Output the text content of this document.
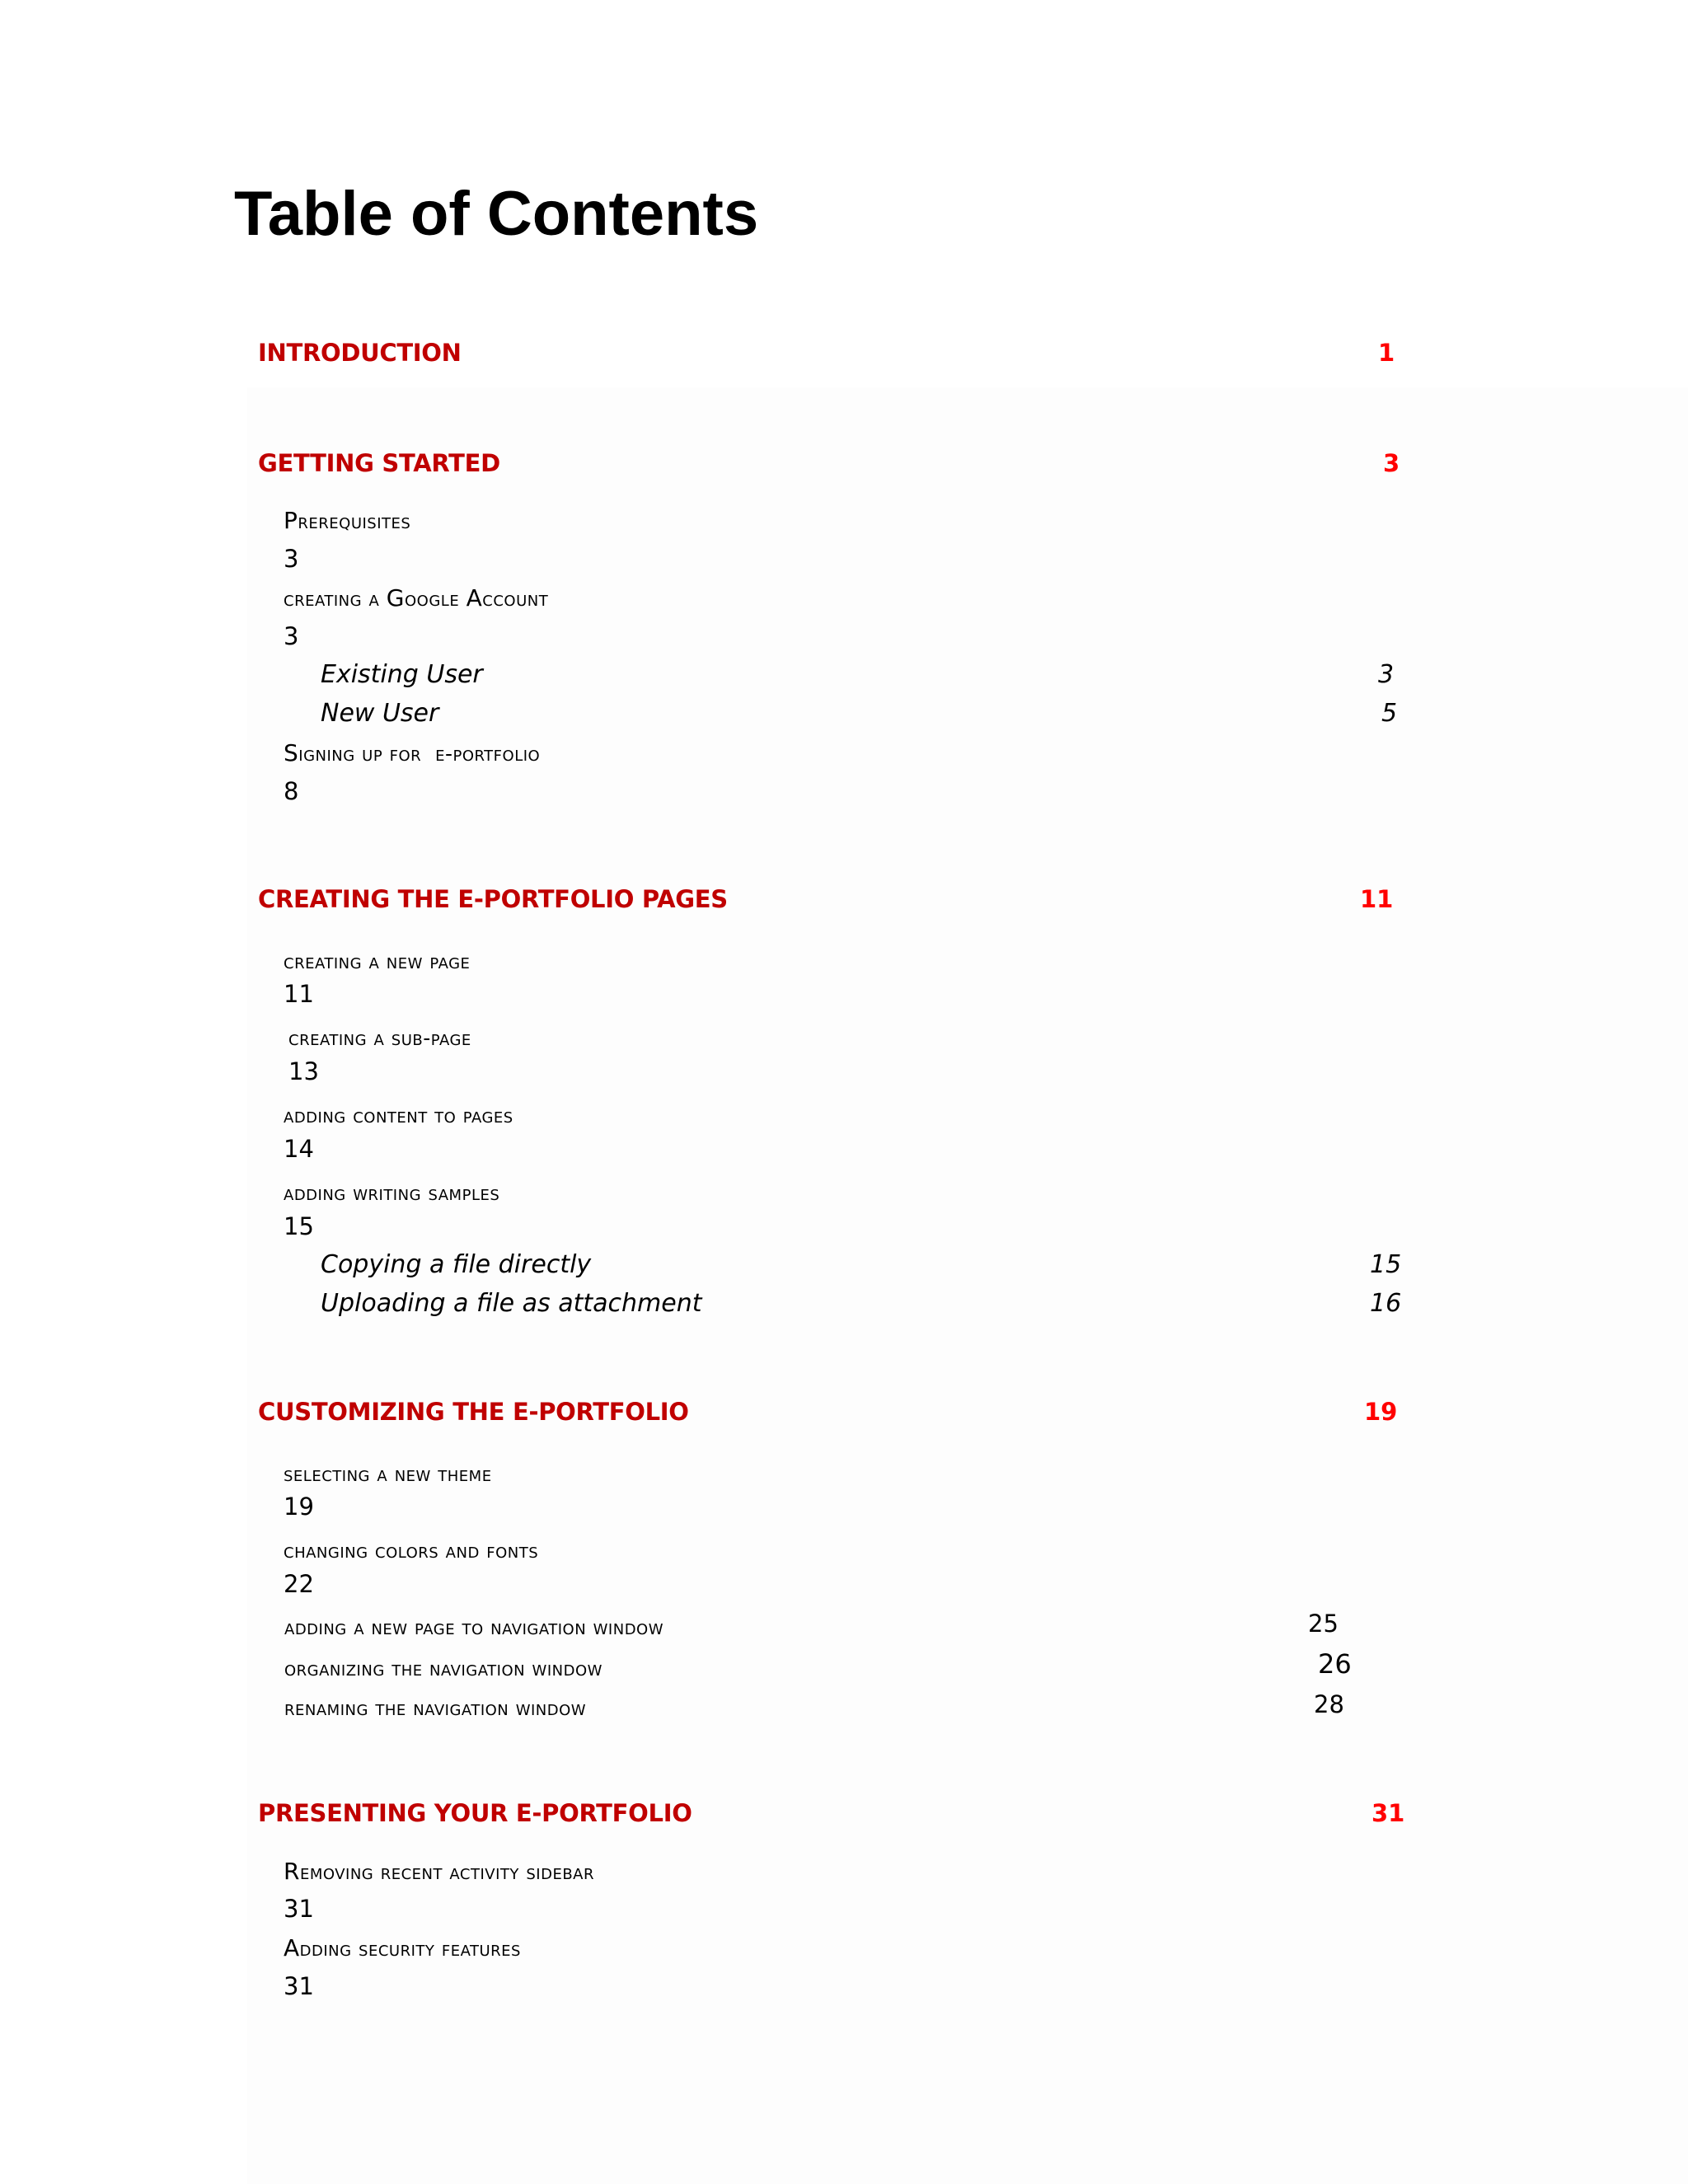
Table of Contents
INTRODUCTION	1
GETTING STARTED	3
Prerequisites
3
creating a Google Account
3
Existing User	3
New User	5
Signing up for  e-portfolio
8
CREATING THE E-PORTFOLIO PAGES	11
creating a new page
11
creating a sub-page
13
adding content to pages
14
adding writing samples
15
Copying a file directly	15
Uploading a file as attachment	16
CUSTOMIZING THE E-PORTFOLIO	19
selecting a new theme
19
changing colors and fonts
22
adding a new page to navigation window	25
organizing the navigation window	26
renaming the navigation window	28
PRESENTING YOUR E-PORTFOLIO	31
Removing recent activity sidebar
31
Adding security features
31
